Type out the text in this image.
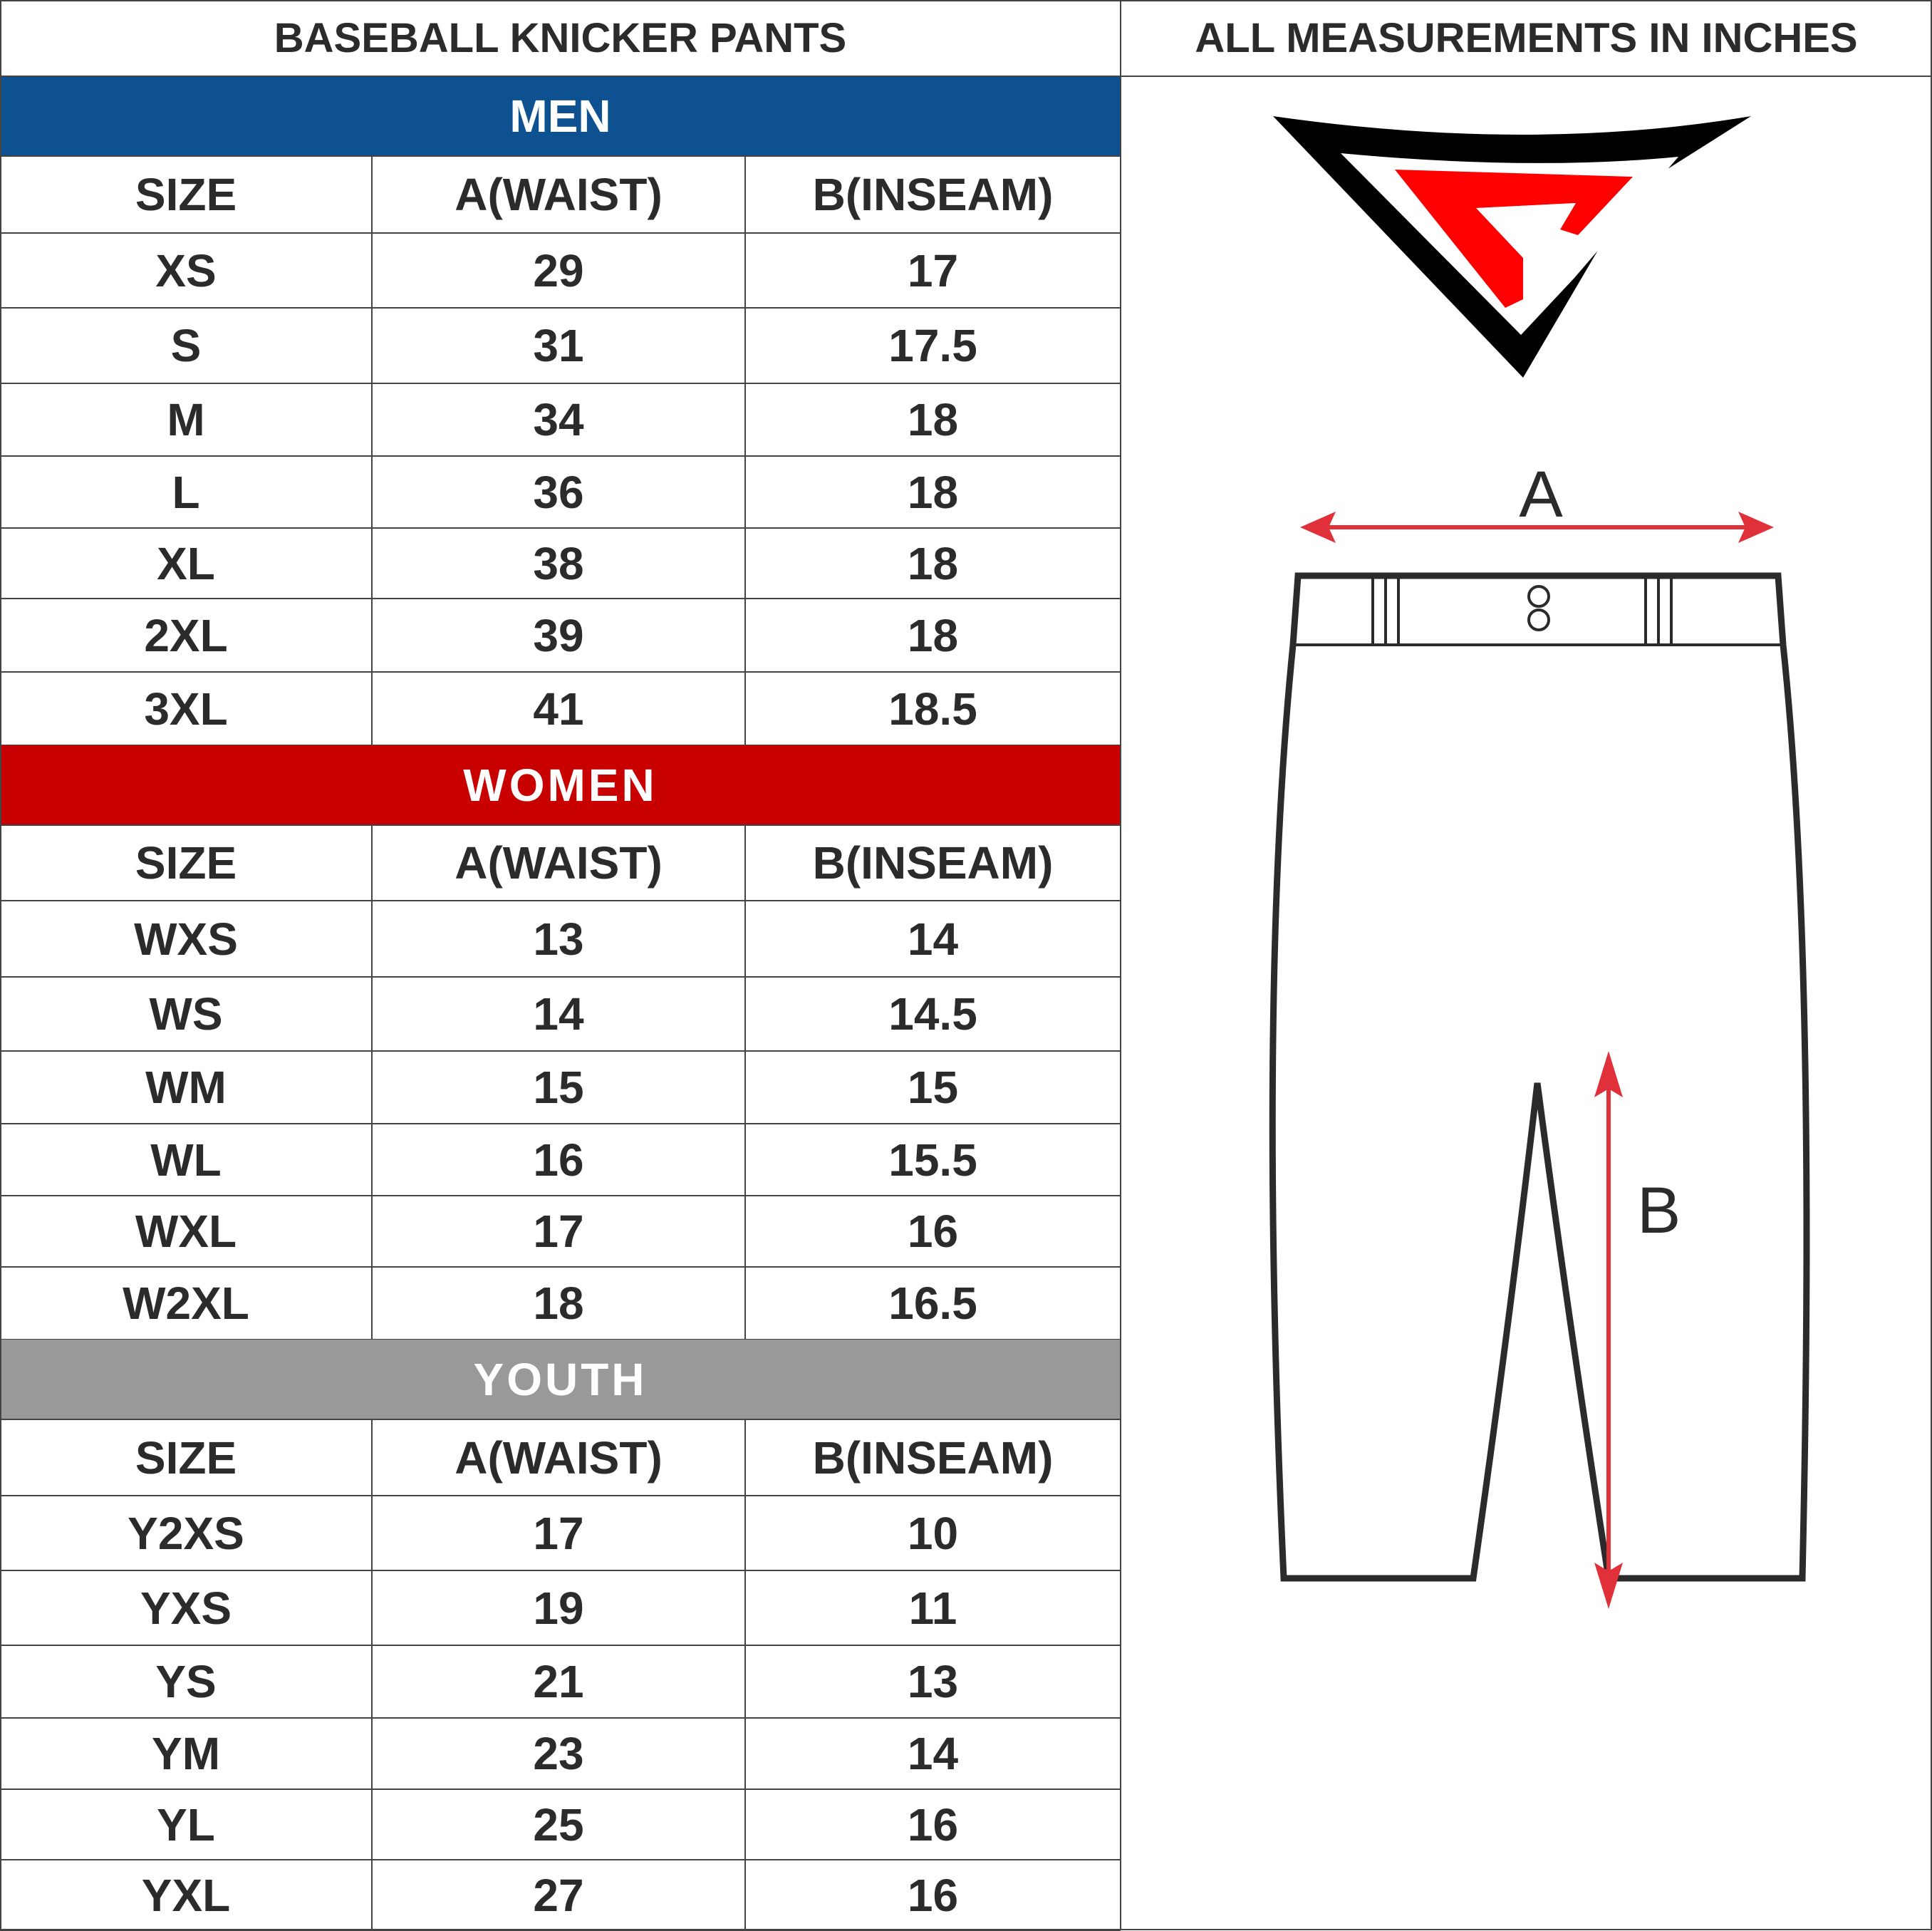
BASEBALL KNICKER PANTS	ALL MEASUREMENTS IN INCHES
MEN
SIZE	A(WAIST)	B(INSEAM)
XS	29	17
S	31	17.5
M	34	18
L	36	18
XL	38	18
2XL	39	18
3XL	41	18.5
WOMEN
SIZE	A(WAIST)	B(INSEAM)
WXS	13	14
WS	14	14.5
WM	15	15
WL	16	15.5
WXL	17	16
W2XL	18	16.5
YOUTH
SIZE	A(WAIST)	B(INSEAM)
Y2XS	17	10
YXS	19	11
YS	21	13
YM	23	14
YL	25	16
YXL	27	16
A
B
